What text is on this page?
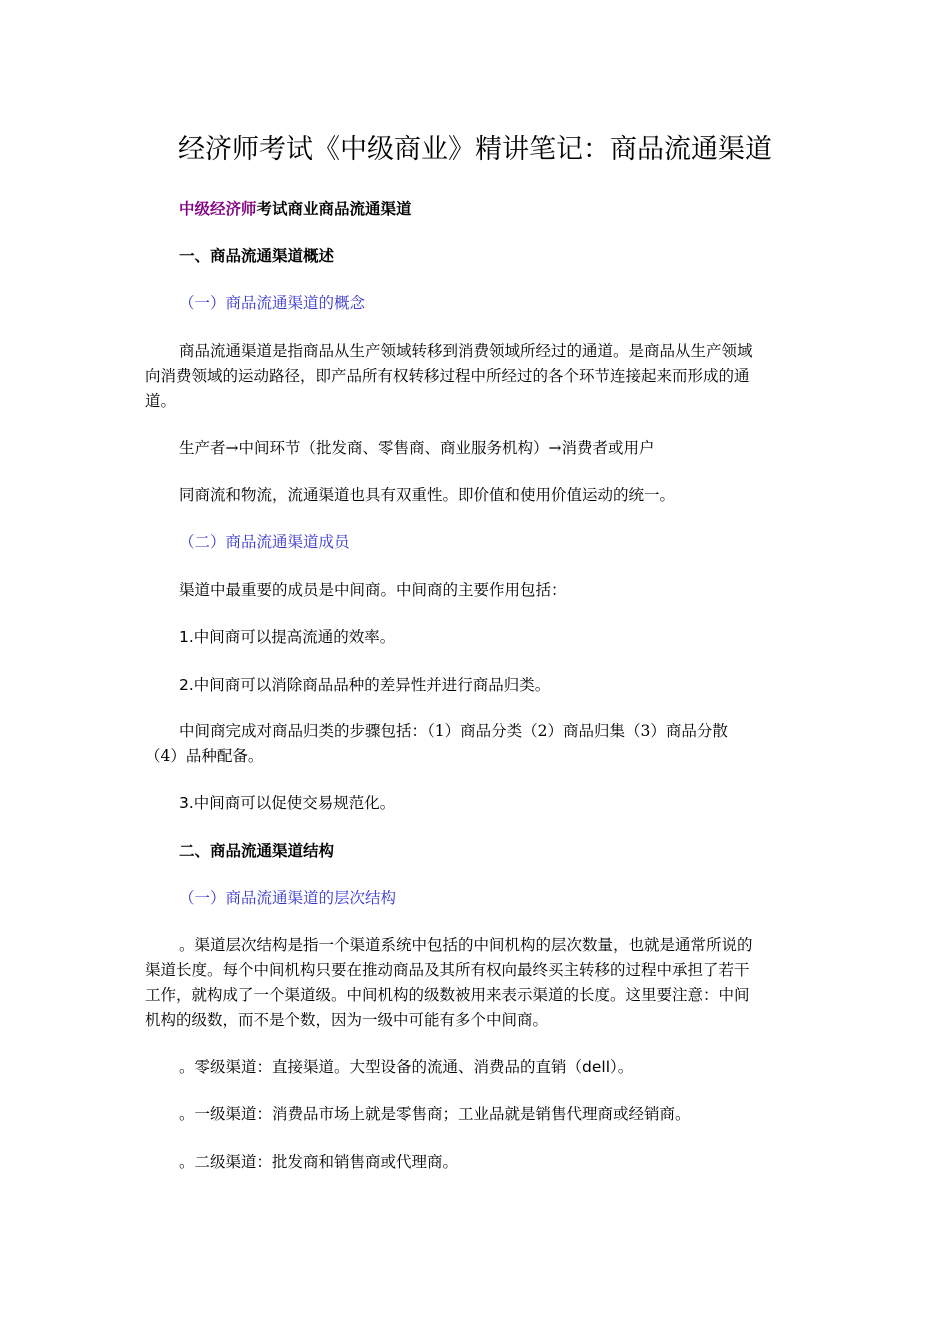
经济师考试《中级商业》精讲笔记：商品流通渠道

中级经济师考试商业商品流通渠道

一、商品流通渠道概述

（一）商品流通渠道的概念

商品流通渠道是指商品从生产领域转移到消费领域所经过的通道。是商品从生产领域
向消费领域的运动路径，即产品所有权转移过程中所经过的各个环节连接起来而形成的通
道。

生产者→中间环节（批发商、零售商、商业服务机构）→消费者或用户

同商流和物流，流通渠道也具有双重性。即价值和使用价值运动的统一。

（二）商品流通渠道成员

渠道中最重要的成员是中间商。中间商的主要作用包括：

1.中间商可以提高流通的效率。

2.中间商可以消除商品品种的差异性并进行商品归类。

中间商完成对商品归类的步骤包括：（1）商品分类（2）商品归集（3）商品分散
（4）品种配备。

3.中间商可以促使交易规范化。

二、商品流通渠道结构

（一）商品流通渠道的层次结构

。渠道层次结构是指一个渠道系统中包括的中间机构的层次数量，也就是通常所说的
渠道长度。每个中间机构只要在推动商品及其所有权向最终买主转移的过程中承担了若干
工作，就构成了一个渠道级。中间机构的级数被用来表示渠道的长度。这里要注意：中间
机构的级数，而不是个数，因为一级中可能有多个中间商。

。零级渠道：直接渠道。大型设备的流通、消费品的直销（dell）。

。一级渠道：消费品市场上就是零售商；工业品就是销售代理商或经销商。

。二级渠道：批发商和销售商或代理商。
